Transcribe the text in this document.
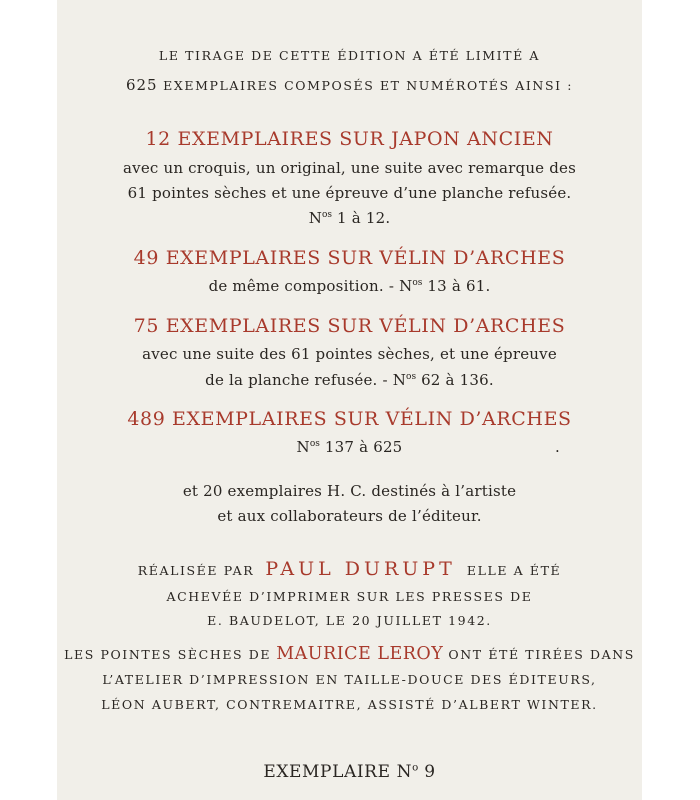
LE TIRAGE DE CETTE ÉDITION A ÉTÉ LIMITÉ A
625 EXEMPLAIRES COMPOSÉS ET NUMÉROTÉS AINSI :
12 EXEMPLAIRES SUR JAPON ANCIEN
avec un croquis, un original, une suite avec remarque des
61 pointes sèches et une épreuve d’une planche refusée.
$N^{os}$ 1 à 12.
49 EXEMPLAIRES SUR VÉLIN D’ARCHES
de même composition. - $N^{os}$ 13 à 61.
75 EXEMPLAIRES SUR VÉLIN D’ARCHES
avec une suite des 61 pointes sèches, et une épreuve
de la planche refusée. - $N^{os}$ 62 à 136.
489 EXEMPLAIRES SUR VÉLIN D’ARCHES
$N^{os}$ 137 à 625	.
et 20 exemplaires H. C. destinés à l’artiste
et aux collaborateurs de l’éditeur.
RÉALISÉE PAR PAUL DURUPT ELLE A ÉTÉ
ACHEVÉE D’IMPRIMER SUR LES PRESSES DE
E. BAUDELOT, LE 20 JUILLET 1942.
LES POINTES SÈCHES DE MAURICE LEROY ONT ÉTÉ TIRÉES DANS
L’ATELIER D’IMPRESSION EN TAILLE-DOUCE DES ÉDITEURS,
LÉON AUBERT, CONTREMAITRE, ASSISTÉ D’ALBERT WINTER.
EXEMPLAIRE $N^o$ 9
